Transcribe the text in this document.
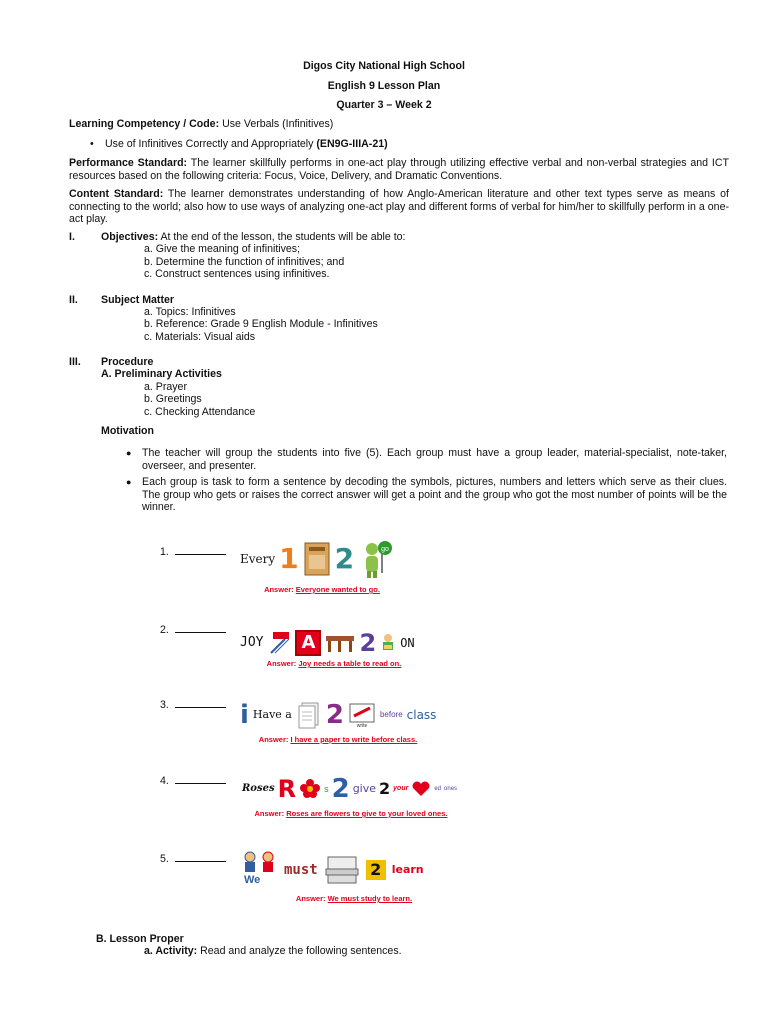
Digos City National High School
English 9 Lesson Plan
Quarter 3 – Week 2
Learning Competency / Code: Use Verbals (Infinitives)
• Use of Infinitives Correctly and Appropriately (EN9G-IIIA-21)
Performance Standard: The learner skillfully performs in one-act play through utilizing effective verbal and non-verbal strategies and ICT resources based on the following criteria: Focus, Voice, Delivery, and Dramatic Conventions.
Content Standard: The learner demonstrates understanding of how Anglo-American literature and other text types serve as means of connecting to the world; also how to use ways of analyzing one-act play and different forms of verbal for him/her to skillfully perform in a one-act play.
I. Objectives: At the end of the lesson, the students will be able to:
a. Give the meaning of infinitives;
b. Determine the function of infinitives; and
c. Construct sentences using infinitives.
II. Subject Matter
a. Topics: Infinitives
b. Reference: Grade 9 English Module - Infinitives
c. Materials: Visual aids
III. Procedure
A. Preliminary Activities
a. Prayer
b. Greetings
c. Checking Attendance
Motivation
● The teacher will group the students into five (5). Each group must have a group leader, material-specialist, note-taker, overseer, and presenter.
● Each group is task to form a sentence by decoding the symbols, pictures, numbers and letters which serve as their clues. The group who gets or raises the correct answer will get a point and the group who got the most number of points will be the winner.
1.	Every 1 2	go
Answer: Everyone wanted to go.
2.
JOY	A 2 ON
Answer: Joy needs a table to read on.
3.	i Have a 2	write
before class
Answer: I have a paper to write before class.
4.
Roses R	s 2 give 2 your	ed ones
Answer: Roses are flowers to give to your loved ones.
5.
We
must	2 learn
Answer: We must study to learn.
B. Lesson Proper
a. Activity: Read and analyze the following sentences.
